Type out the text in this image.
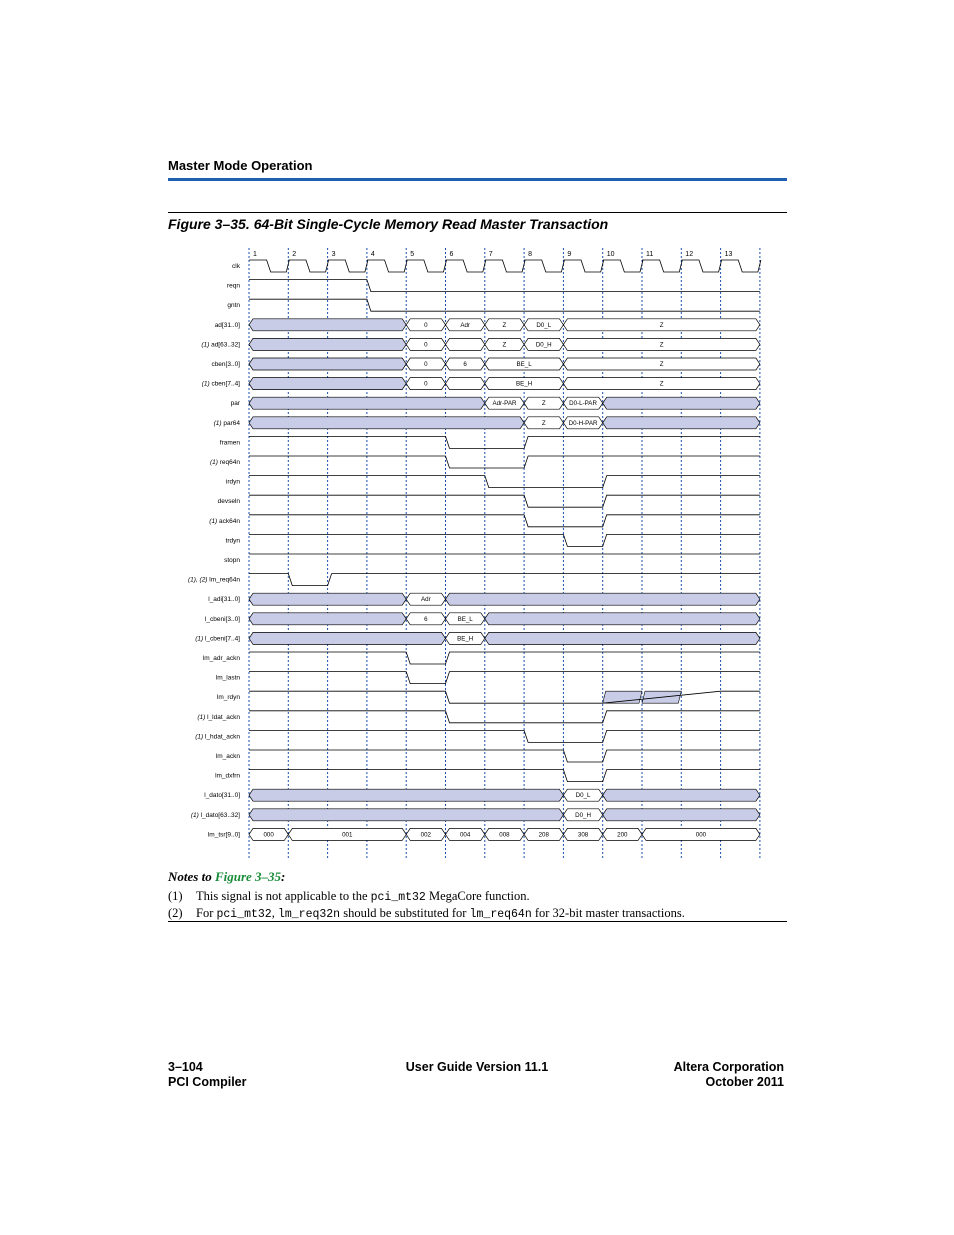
Master Mode Operation
Figure 3–35. 64-Bit Single-Cycle Memory Read Master Transaction
1	2	3	4	5	6	7	8	9	10	11	12	13
clk
reqn
gntn
ad[31..0]	0	Adr	Z	D0_L	Z
(1) ad[63..32]	0	Z	D0_H	Z
cben[3..0]	0	6	BE_L	Z
(1) cben[7..4]	0	BE_H	Z
par	Adr-PAR	Z	D0-L-PAR
(1) par64	Z	D0-H-PAR
framen
(1) req64n
irdyn
devseln
(1) ack64n
trdyn
stopn
(1), (2) lm_req64n
l_adi[31..0]	Adr
l_cbeni[3..0]	6	BE_L
(1) l_cbeni[7..4]	BE_H
lm_adr_ackn
lm_lastn
lm_rdyn
(1) l_ldat_ackn
(1) l_hdat_ackn
lm_ackn
lm_dxfrn
l_dato[31..0]	D0_L
(1) l_dato[63..32]	D0_H
lm_tsr[9..0]	000	001	002	004	008	208	308	200	000
Notes to Figure 3–35:
(1) This signal is not applicable to the pci_mt32 MegaCore function.
(2) For pci_mt32, lm_req32n should be substituted for lm_req64n for 32-bit master transactions.
3–104
PCI Compiler
User Guide Version 11.1	Altera Corporation
October 2011
